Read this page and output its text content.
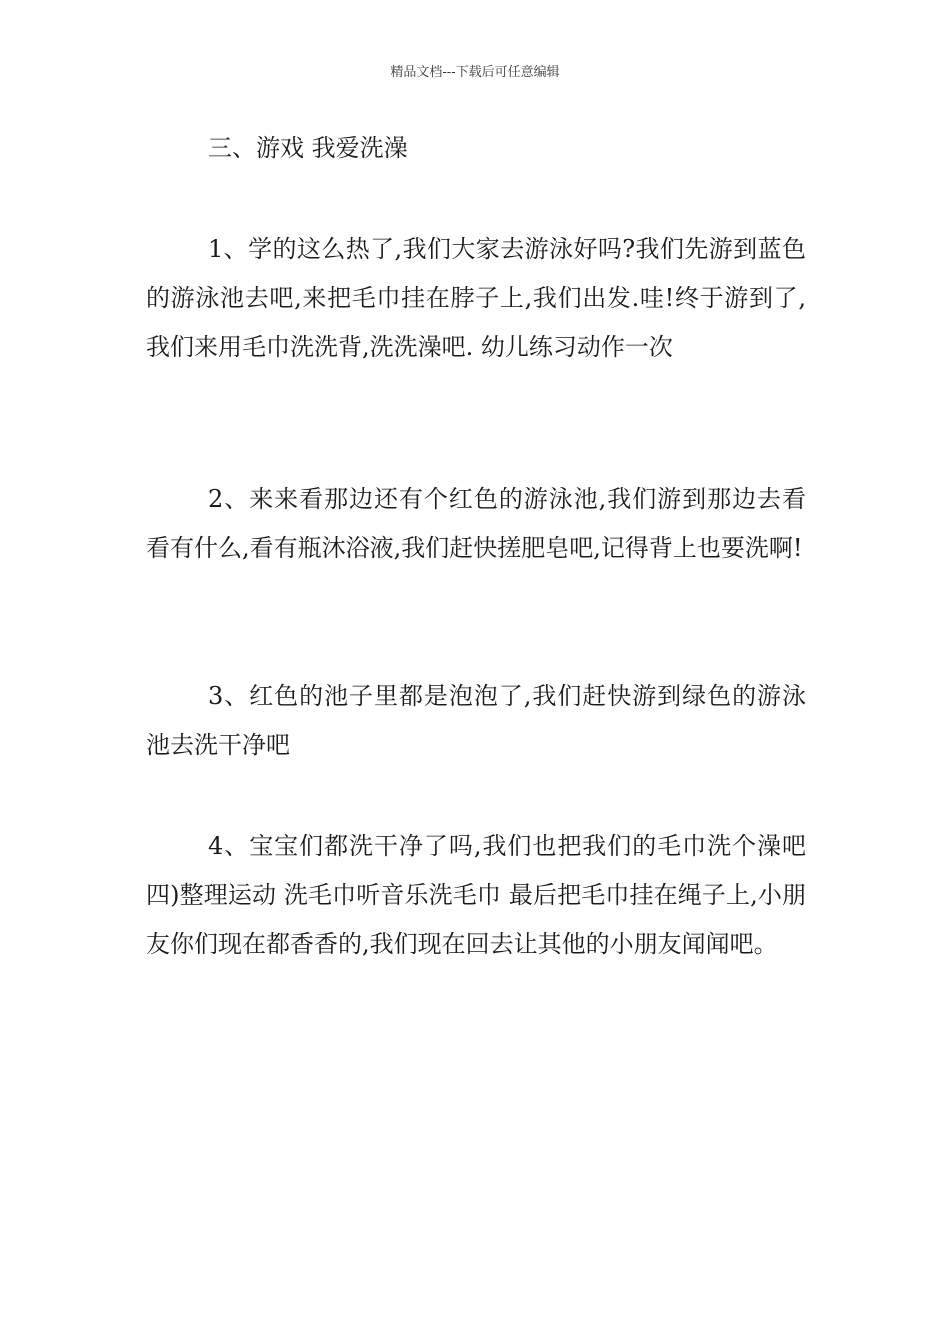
精品文档---下载后可任意编辑
三、游戏 我爱洗澡

1、学的这么热了,我们大家去游泳好吗?我们先游到蓝色的游泳池去吧,来把毛巾挂在脖子上,我们出发.哇!终于游到了,我们来用毛巾洗洗背,洗洗澡吧. 幼儿练习动作一次

2、来来看那边还有个红色的游泳池,我们游到那边去看看有什么,看有瓶沐浴液,我们赶快搓肥皂吧,记得背上也要洗啊!

3、红色的池子里都是泡泡了,我们赶快游到绿色的游泳池去洗干净吧

4、宝宝们都洗干净了吗,我们也把我们的毛巾洗个澡吧四)整理运动 洗毛巾听音乐洗毛巾 最后把毛巾挂在绳子上,小朋友你们现在都香香的,我们现在回去让其他的小朋友闻闻吧。
